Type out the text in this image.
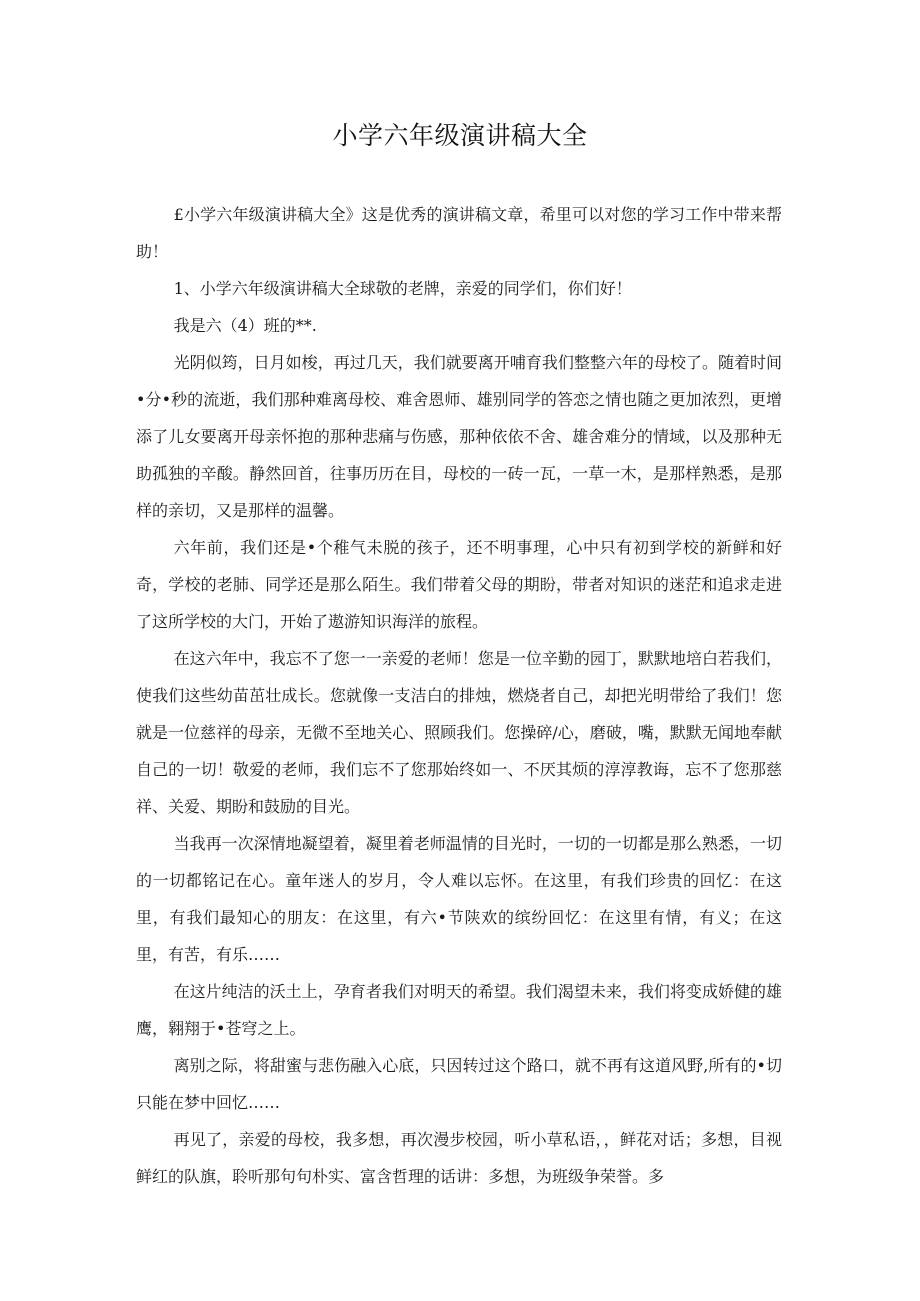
小学六年级演讲稿大全

£小学六年级演讲稿大全》这是优秀的演讲稿文章，希里可以对您的学习工作中带来帮助！

1、小学六年级演讲稿大全球敬的老牌，亲爱的同学们，你们好！

我是六（4）班的**.

光阴似筠，日月如梭，再过几天，我们就要离开哺育我们整整六年的母校了。随着时间•分•秒的流逝，我们那种难离母校、难舍恩师、雄别同学的答恋之情也随之更加浓烈，更增添了儿女要离开母亲怀抱的那种悲痛与伤感，那种依依不舍、雄舍难分的情域，以及那种无助孤独的辛酸。静然回首，往事历历在目，母校的一砖一瓦，一草一木，是那样熟悉，是那样的亲切，又是那样的温馨。

六年前，我们还是•个稚气未脱的孩子，还不明事理，心中只有初到学校的新鲜和好奇，学校的老肺、同学还是那么陌生。我们带着父母的期盼，带者对知识的迷茫和追求走进了这所学校的大门，开始了遨游知识海洋的旅程。

在这六年中，我忘不了您一一亲爱的老师！您是一位辛勤的园丁，默默地培白若我们，使我们这些幼苗茁壮成长。您就像一支洁白的排烛，燃烧者自己，却把光明带给了我们！您就是一位慈祥的母亲，无微不至地关心、照顾我们。您操碎/心，磨破，嘴，默默无闻地奉献自己的一切！敬爱的老师，我们忘不了您那始终如一、不厌其烦的淳淳教诲，忘不了您那慈祥、关爱、期盼和鼓励的目光。

当我再一次深情地凝望着，凝里着老师温情的目光时，一切的一切都是那么熟悉，一切的一切都铭记在心。童年迷人的岁月，令人难以忘怀。在这里，有我们珍贵的回忆：在这里，有我们最知心的朋友：在这里，有六•节陕欢的缤纷回忆：在这里有情，有义；在这里，有苦，有乐……

在这片纯洁的沃土上，孕育者我们对明天的希望。我们渴望未来，我们将变成娇健的雄鹰，翱翔于•苍穹之上。

离别之际，将甜蜜与悲伤融入心底，只因转过这个路口，就不再有这道风野,所有的•切只能在梦中回忆……

再见了，亲爱的母校，我多想，再次漫步校园，听小草私语，，鲜花对话；多想，目视鲜红的队旗，聆听那句句朴实、富含哲理的话讲：多想，为班级争荣誉。多
